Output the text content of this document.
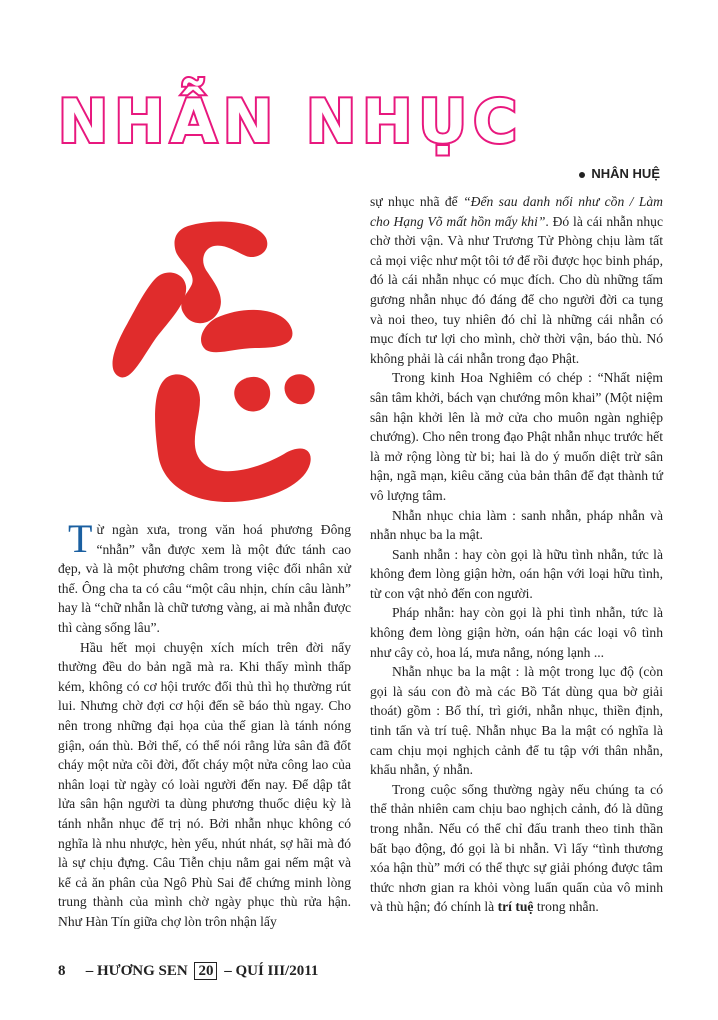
NHẪN NHỤC
NHÂN HUỆ

Từ ngàn xưa, trong văn hoá phương Đông “nhẫn” vẫn được xem là một đức tánh cao đẹp, và là một phương châm trong việc đối nhân xử thế. Ông cha ta có câu “một câu nhịn, chín câu lành” hay là “chữ nhẫn là chữ tương vàng, ai mà nhẫn được thì càng sống lâu”.

Hầu hết mọi chuyện xích mích trên đời nẩy thường đều do bản ngã mà ra. Khi thấy mình thấp kém, không có cơ hội trước đối thủ thì họ thường rút lui. Nhưng chờ đợi cơ hội đến sẽ báo thù ngay. Cho nên trong những đại họa của thế gian là tánh nóng giận, oán thù. Bởi thế, có thể nói rằng lửa sân đã đốt cháy một nửa cõi đời, đốt cháy một nửa công lao của nhân loại từ ngày có loài người đến nay. Để dập tắt lửa sân hận người ta dùng phương thuốc diệu kỳ là tánh nhẫn nhục để trị nó. Bởi nhẫn nhục không có nghĩa là nhu nhược, hèn yếu, nhút nhát, sợ hãi mà đó là sự chịu đựng. Câu Tiễn chịu nằm gai nếm mật và kể cả ăn phân của Ngô Phù Sai để chứng minh lòng trung thành của mình chờ ngày phục thù rửa hận. Như Hàn Tín giữa chợ lòn trôn nhận lấy

sự nhục nhã để “Đến sau danh nổi như cồn / Làm cho Hạng Võ mất hồn mấy khi”. Đó là cái nhẫn nhục chờ thời vận. Và như Trương Tử Phòng chịu làm tất cả mọi việc như một tôi tớ để rồi được học binh pháp, đó là cái nhẫn nhục có mục đích. Cho dù những tấm gương nhẫn nhục đó đáng để cho người đời ca tụng và noi theo, tuy nhiên đó chỉ là những cái nhẫn có mục đích tư lợi cho mình, chờ thời vận, báo thù. Nó không phải là cái nhẫn trong đạo Phật.

Trong kinh Hoa Nghiêm có chép : “Nhất niệm sân tâm khởi, bách vạn chướng môn khai” (Một niệm sân hận khởi lên là mở cửa cho muôn ngàn nghiệp chướng). Cho nên trong đạo Phật nhẫn nhục trước hết là mở rộng lòng từ bi; hai là do ý muốn diệt trừ sân hận, ngã mạn, kiêu căng của bản thân để đạt thành tứ vô lượng tâm.

Nhẫn nhục chia làm : sanh nhẫn, pháp nhẫn và nhẫn nhục ba la mật.

Sanh nhẫn : hay còn gọi là hữu tình nhẫn, tức là không đem lòng giận hờn, oán hận với loại hữu tình, từ con vật nhỏ đến con người.

Pháp nhẫn: hay còn gọi là phi tình nhẫn, tức là không đem lòng giận hờn, oán hận các loại vô tình như cây cỏ, hoa lá, mưa nắng, nóng lạnh ...

Nhẫn nhục ba la mật : là một trong lục độ (còn gọi là sáu con đò mà các Bồ Tát dùng qua bờ giải thoát) gồm : Bố thí, trì giới, nhẫn nhục, thiền định, tinh tấn và trí tuệ. Nhẫn nhục Ba la mật có nghĩa là cam chịu mọi nghịch cảnh để tu tập với thân nhẫn, khẩu nhẫn, ý nhẫn.

Trong cuộc sống thường ngày nếu chúng ta có thể thản nhiên cam chịu bao nghịch cảnh, đó là dũng trong nhẫn. Nếu có thể chỉ đấu tranh theo tinh thần bất bạo động, đó gọi là bi nhẫn. Vì lấy “tình thương xóa hận thù” mới có thể thực sự giải phóng được tâm thức nhơn gian ra khỏi vòng luẩn quẩn của vô minh và thù hận; đó chính là trí tuệ trong nhẫn.

8 – HƯƠNG SEN 20 – QUÍ III/2011
